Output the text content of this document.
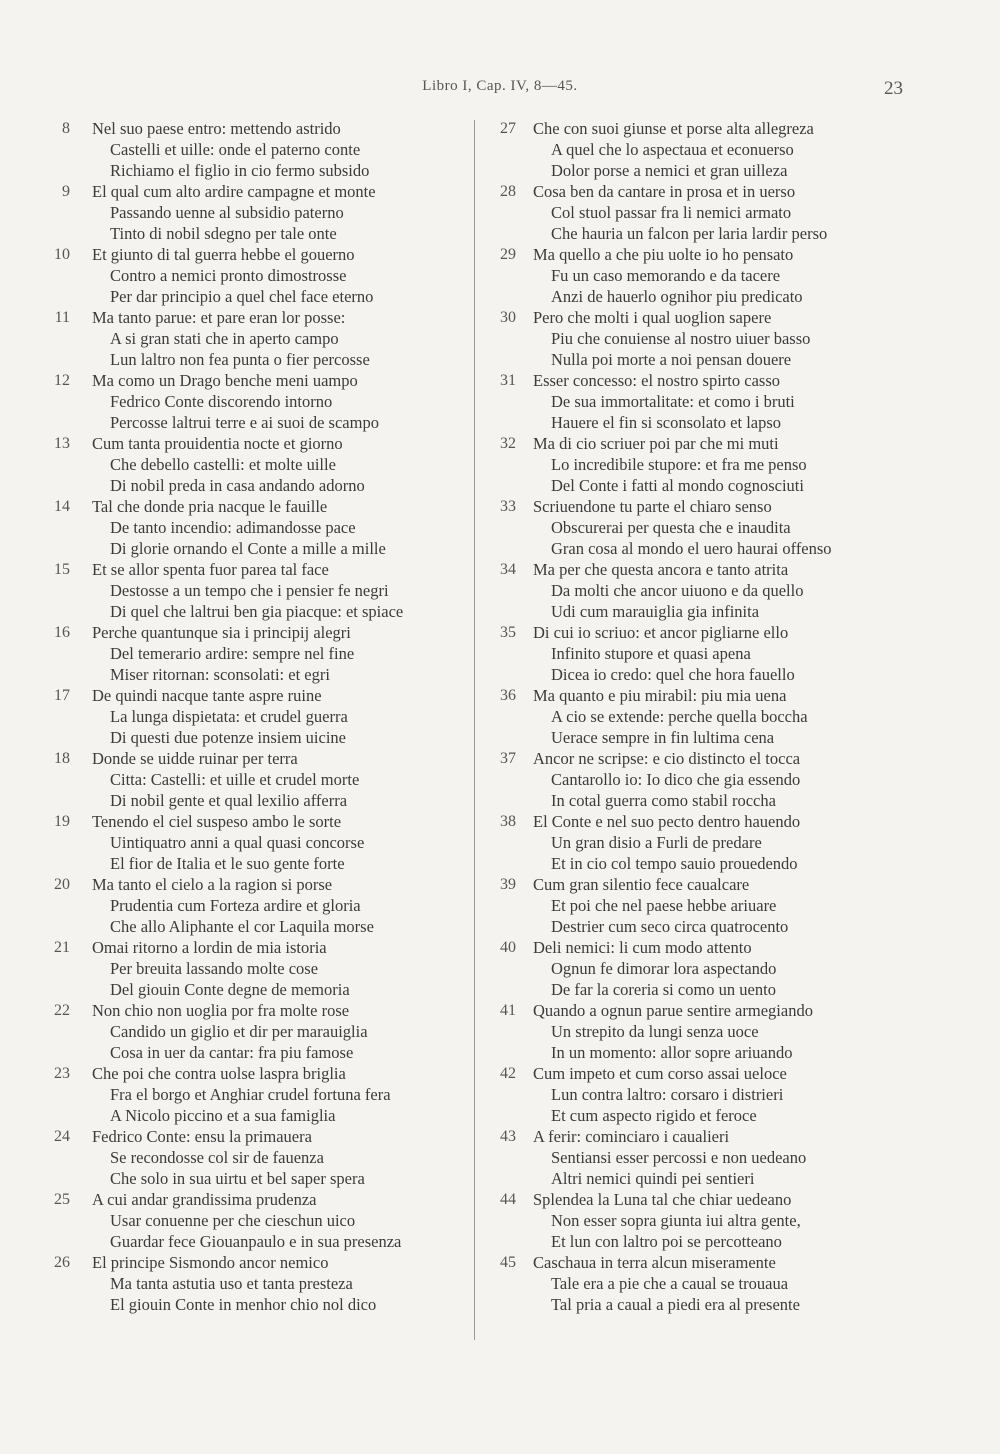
Libro I, Cap. IV, 8—45.	23
8 Nel suo paese entro: mettendo astrido
Castelli et uille: onde el paterno conte
Richiamo el figlio in cio fermo subsido
9 El qual cum alto ardire campagne et monte
Passando uenne al subsidio paterno
Tinto di nobil sdegno per tale onte
10 Et giunto di tal guerra hebbe el gouerno
Contro a nemici pronto dimostrosse
Per dar principio a quel chel face eterno
11 Ma tanto parue: et pare eran lor posse:
A si gran stati che in aperto campo
Lun laltro non fea punta o fier percosse
12 Ma como un Drago benche meni uampo
Fedrico Conte discorendo intorno
Percosse laltrui terre e ai suoi de scampo
13 Cum tanta prouidentia nocte et giorno
Che debello castelli: et molte uille
Di nobil preda in casa andando adorno
14 Tal che donde pria nacque le fauille
De tanto incendio: adimandosse pace
Di glorie ornando el Conte a mille a mille
15 Et se allor spenta fuor parea tal face
Destosse a un tempo che i pensier fe negri
Di quel che laltrui ben gia piacque: et spiace
16 Perche quantunque sia i principij alegri
Del temerario ardire: sempre nel fine
Miser ritornan: sconsolati: et egri
17 De quindi nacque tante aspre ruine
La lunga dispietata: et crudel guerra
Di questi due potenze insiem uicine
18 Donde se uidde ruinar per terra
Citta: Castelli: et uille et crudel morte
Di nobil gente et qual lexilio afferra
19 Tenendo el ciel suspeso ambo le sorte
Uintiquatro anni a qual quasi concorse
El fior de Italia et le suo gente forte
20 Ma tanto el cielo a la ragion si porse
Prudentia cum Forteza ardire et gloria
Che allo Aliphante el cor Laquila morse
21 Omai ritorno a lordin de mia istoria
Per breuita lassando molte cose
Del giouin Conte degne de memoria
22 Non chio non uoglia por fra molte rose
Candido un giglio et dir per marauiglia
Cosa in uer da cantar: fra piu famose
23 Che poi che contra uolse laspra briglia
Fra el borgo et Anghiar crudel fortuna fera
A Nicolo piccino et a sua famiglia
24 Fedrico Conte: ensu la primauera
Se recondosse col sir de fauenza
Che solo in sua uirtu et bel saper spera
25 A cui andar grandissima prudenza
Usar conuenne per che cieschun uico
Guardar fece Giouanpaulo e in sua presenza
26 El principe Sismondo ancor nemico
Ma tanta astutia uso et tanta presteza
El giouin Conte in menhor chio nol dico
27 Che con suoi giunse et porse alta allegreza
A quel che lo aspectaua et econuerso
Dolor porse a nemici et gran uilleza
28 Cosa ben da cantare in prosa et in uerso
Col stuol passar fra li nemici armato
Che hauria un falcon per laria lardir perso
29 Ma quello a che piu uolte io ho pensato
Fu un caso memorando e da tacere
Anzi de hauerlo ognihor piu predicato
30 Pero che molti i qual uoglion sapere
Piu che conuiense al nostro uiuer basso
Nulla poi morte a noi pensan douere
31 Esser concesso: el nostro spirto casso
De sua immortalitate: et como i bruti
Hauere el fin si sconsolato et lapso
32 Ma di cio scriuer poi par che mi muti
Lo incredibile stupore: et fra me penso
Del Conte i fatti al mondo cognosciuti
33 Scriuendone tu parte el chiaro senso
Obscurerai per questa che e inaudita
Gran cosa al mondo el uero haurai offenso
34 Ma per che questa ancora e tanto atrita
Da molti che ancor uiuono e da quello
Udi cum marauiglia gia infinita
35 Di cui io scriuo: et ancor pigliarne ello
Infinito stupore et quasi apena
Dicea io credo: quel che hora fauello
36 Ma quanto e piu mirabil: piu mia uena
A cio se extende: perche quella boccha
Uerace sempre in fin lultima cena
37 Ancor ne scripse: e cio distincto el tocca
Cantarollo io: Io dico che gia essendo
In cotal guerra como stabil roccha
38 El Conte e nel suo pecto dentro hauendo
Un gran disio a Furli de predare
Et in cio col tempo sauio prouedendo
39 Cum gran silentio fece caualcare
Et poi che nel paese hebbe ariuare
Destrier cum seco circa quatrocento
40 Deli nemici: li cum modo attento
Ognun fe dimorar lora aspectando
De far la coreria si como un uento
41 Quando a ognun parue sentire armegiando
Un strepito da lungi senza uoce
In un momento: allor sopre ariuando
42 Cum impeto et cum corso assai ueloce
Lun contra laltro: corsaro i distrieri
Et cum aspecto rigido et feroce
43 A ferir: cominciaro i caualieri
Sentiansi esser percossi e non uedeano
Altri nemici quindi pei sentieri
44 Splendea la Luna tal che chiar uedeano
Non esser sopra giunta iui altra gente,
Et lun con laltro poi se percotteano
45 Caschaua in terra alcun miseramente
Tale era a pie che a caual se trouaua
Tal pria a caual a piedi era al presente
